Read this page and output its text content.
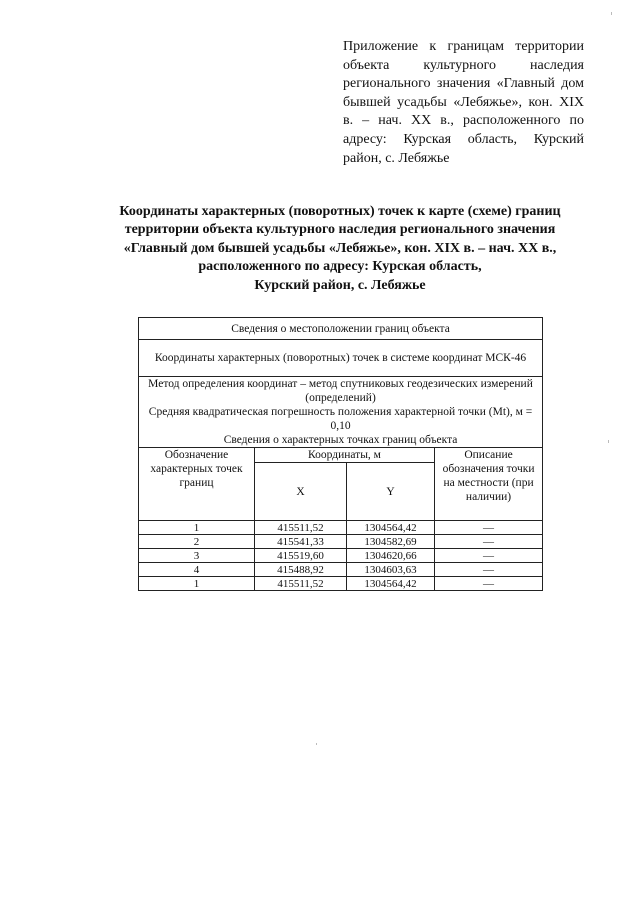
Приложение к границам территории объекта культурного наследия регионального значения «Главный дом бывшей усадьбы «Лебяжье», кон. XIX в. – нач. XX в., расположенного по адресу: Курская область, Курский район, с. Лебяжье
Координаты характерных (поворотных) точек к карте (схеме) границ
территории объекта культурного наследия регионального значения
«Главный дом бывшей усадьбы «Лебяжье», кон. XIX в. – нач. XX в.,
расположенного по адресу: Курская область,
Курский район, с. Лебяжье
Сведения о местоположении границ объекта			
Координаты характерных (поворотных) точек в системе координат МСК-46			

Метод определения координат – метод спутниковых геодезических измерений (определений)
Средняя квадратическая погрешность положения характерной точки (Mt), м = 0,10
Сведения о характерных точках границ объекта			

Обозначение характерных точек границ	Координаты, м		Описание обозначения точки на местности (при наличии)
	X	Y	
1	415511,52	1304564,42	—
2	415541,33	1304582,69	—
3	415519,60	1304620,66	—
4	415488,92	1304603,63	—
1	415511,52	1304564,42	—
